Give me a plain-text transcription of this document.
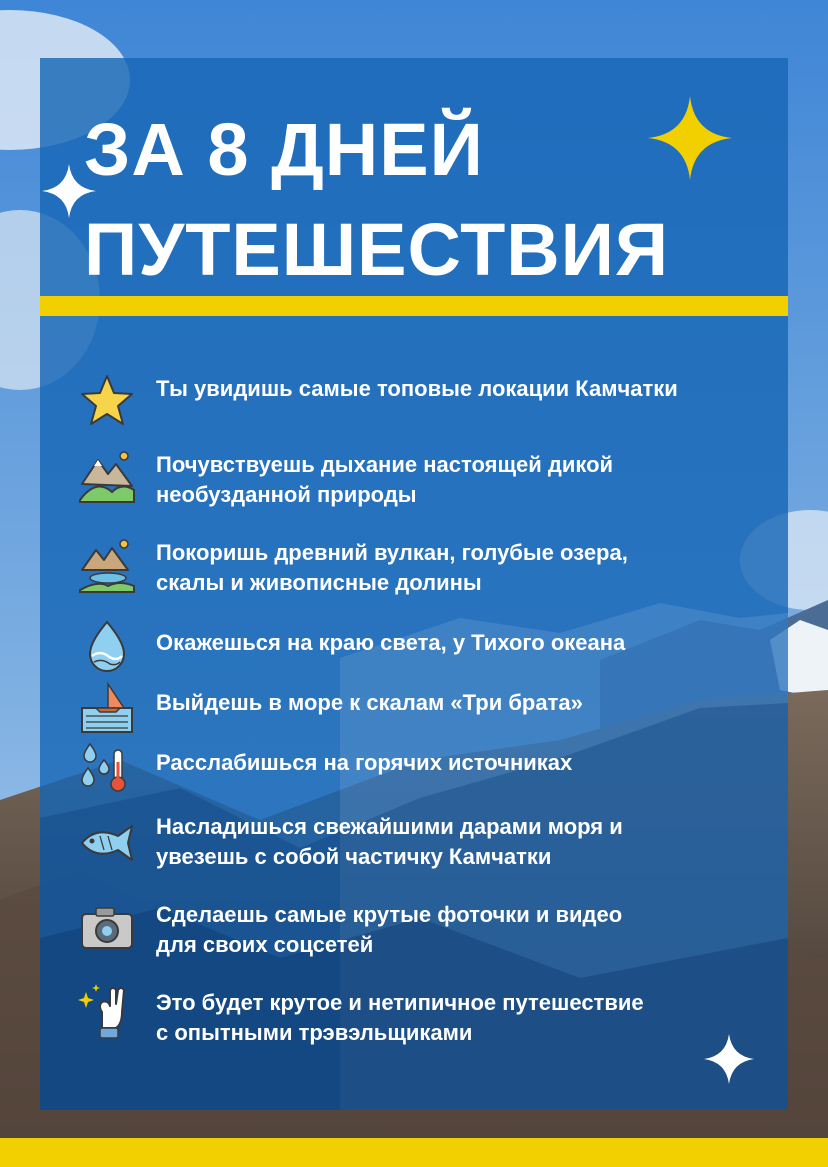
ЗА 8 ДНЕЙ
ПУТЕШЕСТВИЯ
Ты увидишь самые топовые локации Камчатки
Почувствуешь дыхание настоящей дикой
необузданной природы
Покоришь древний вулкан, голубые озера,
скалы и живописные долины
Окажешься на краю света, у Тихого океана
Выйдешь в море к скалам «Три брата»
Расслабишься на горячих источниках
Насладишься свежайшими дарами моря и
увезешь с собой частичку Камчатки
Сделаешь самые крутые фоточки и видео
для своих соцсетей
Это будет крутое и нетипичное путешествие
с опытными трэвэльщиками
